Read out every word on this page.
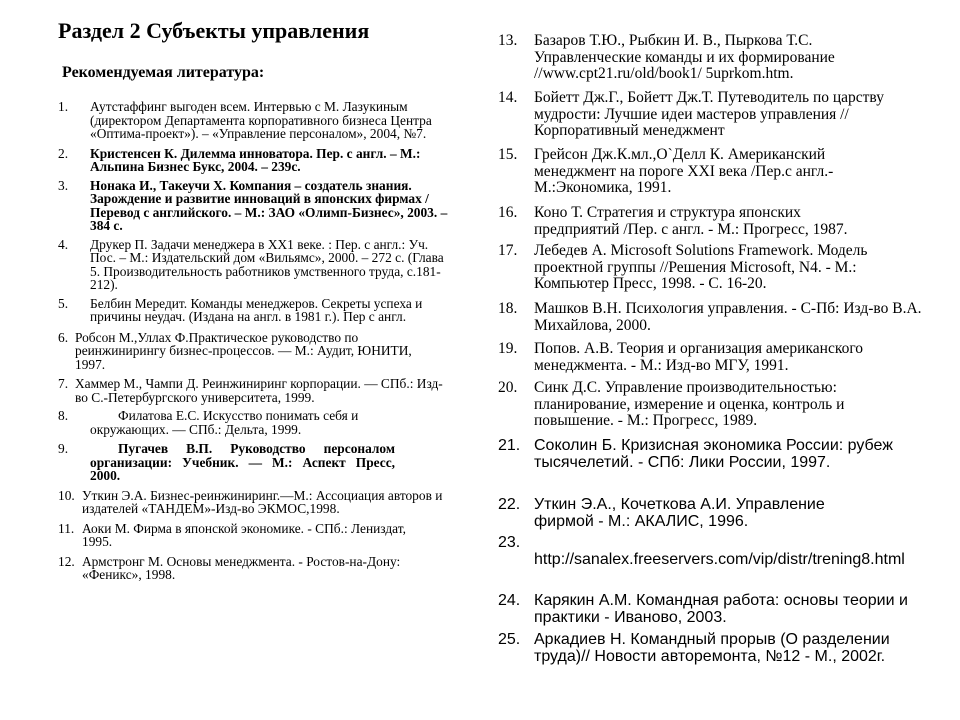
Раздел 2 Субъекты управления
Рекомендуемая литература:
1. Аутстаффинг выгоден всем. Интервью с М. Лазукиным (директором Департамента корпоративного бизнеса Центра «Оптима-проект»). – «Управление персоналом», 2004, №7.
2. Кристенсен К. Дилемма инноватора. Пер. с англ. – М.: Альпина Бизнес Букс, 2004. – 239с.
3. Нонака И., Такеучи Х. Компания – создатель знания. Зарождение и развитие инноваций в японских фирмах / Перевод с английского. – М.: ЗАО «Олимп-Бизнес», 2003. – 384 с.
4. Друкер П. Задачи менеджера в ХХ1 веке. : Пер. с англ.: Уч. Пос. – М.: Издательский дом «Вильямс», 2000. – 272 с. (Глава 5. Производительность работников умственного труда, с.181-212).
5. Белбин Мередит. Команды менеджеров. Секреты успеха и причины неудач. (Издана на англ. в 1981 г.). Пер с англ.
6. Робсон М.,Уллах Ф.Практическое руководство по реинжинирингу бизнес-процессов. — М.: Аудит, ЮНИТИ, 1997.
7. Хаммер М., Чампи Д. Реинжиниринг корпорации. — СПб.: Изд-во С.-Петербургского университета, 1999.
8.	Филатова Е.С. Искусство понимать себя и окружающих. — СПб.: Дельта, 1999.
9.	Пугачев В.П. Руководство персоналом организации: Учебник. — М.: Аспект Пресс, 2000.
10. Уткин Э.А. Бизнес-реинжиниринг.—М.: Ассоциация авторов и издателей «ТАНДЕМ»-Изд-во ЭКМОС,1998.
11. Аоки М. Фирма в японской экономике. - СПб.: Лениздат, 1995.
12. Армстронг М. Основы менеджмента. - Ростов-на-Дону: «Феникс», 1998.
13. Базаров Т.Ю., Рыбкин И. В., Пыркова Т.С. Управленческие команды и их формирование //www.cpt21.ru/old/book1/ 5uprkom.htm.
14. Бойетт Дж.Г., Бойетт Дж.Т. Путеводитель по царству мудрости: Лучшие идеи мастеров управления // Корпоративный менеджмент
15. Грейсон Дж.К.мл.,О`Делл К. Американский менеджмент на пороге XXI века /Пер.с англ.- М.:Экономика, 1991.
16. Коно Т. Стратегия и структура японских предприятий /Пер. с англ. - М.: Прогресс, 1987.
17. Лебедев А. Microsoft Solutions Framework. Модель проектной группы //Решения Microsoft, N4. - М.: Компьютер Пресс, 1998. - С. 16-20.
18. Машков В.Н. Психология управления. - С-Пб: Изд-во В.А. Михайлова, 2000.
19. Попов. А.В. Теория и организация американского менеджмента. - М.: Изд-во МГУ, 1991.
20. Синк Д.С. Управление производительностью: планирование, измерение и оценка, контроль и повышение. - М.: Прогресс, 1989.
21. Соколин Б. Кризисная экономика России: рубеж тысячелетий. - СПб: Лики России, 1997.
22. Уткин Э.А., Кочеткова А.И. Управление фирмой - М.: АКАЛИС, 1996.
23.
http://sanalex.freeservers.com/vip/distr/trening8.html
24. Карякин А.М. Командная работа: основы теории и практики - Иваново, 2003.
25. Аркадиев Н. Командный прорыв (О разделении труда)// Новости авторемонта, №12 - М., 2002г.
